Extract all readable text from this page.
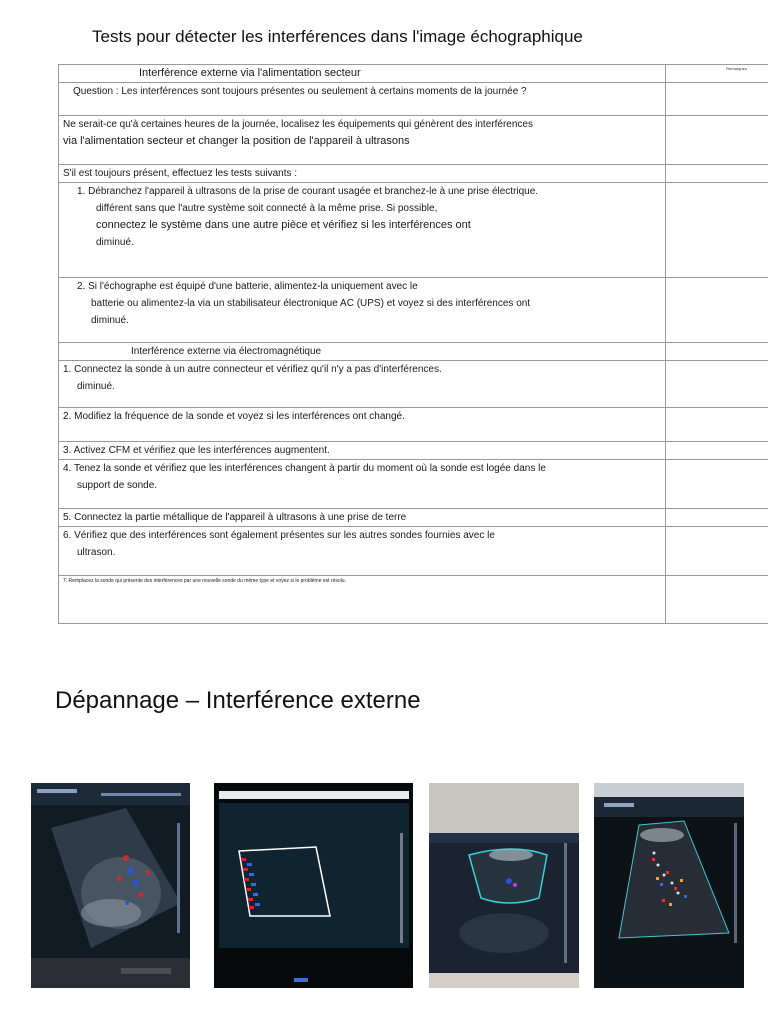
Tests pour détecter les interférences dans l'image échographique
Interférence externe via l'alimentation secteur	Remarques

Question : Les interférences sont toujours présentes ou seulement à certains moments de la journée ?	

Ne serait-ce qu'à certaines heures de la journée, localisez les équipements qui génèrent des interférences
via l'alimentation secteur et changer la position de l'appareil à ultrasons	

S'il est toujours présent, effectuez les tests suivants :	

1. Débranchez l'appareil à ultrasons de la prise de courant usagée et branchez-le à une prise électrique.
différent sans que l'autre système soit connecté à la même prise. Si possible,
connectez le système dans une autre pièce et vérifiez si les interférences ont
diminué.	

2. Si l'échographe est équipé d'une batterie, alimentez-la uniquement avec le
batterie ou alimentez-la via un stabilisateur électronique AC (UPS) et voyez si des interférences ont
diminué.	

Interférence externe via électromagnétique	

1. Connectez la sonde à un autre connecteur et vérifiez qu'il n'y a pas d'interférences.
diminué.	

2. Modifiez la fréquence de la sonde et voyez si les interférences ont changé.	
3. Activez CFM et vérifiez que les interférences augmentent.	

4. Tenez la sonde et vérifiez que les interférences changent à partir du moment où la sonde est logée dans le
support de sonde.	

5. Connectez la partie métallique de l'appareil à ultrasons à une prise de terre	

6. Vérifiez que des interférences sont également présentes sur les autres sondes fournies avec le
ultrason.	

7. Remplacez la sonde qui présente des interférences par une nouvelle sonde du même type et voyez si le problème est résolu.	
Dépannage – Interférence externe
